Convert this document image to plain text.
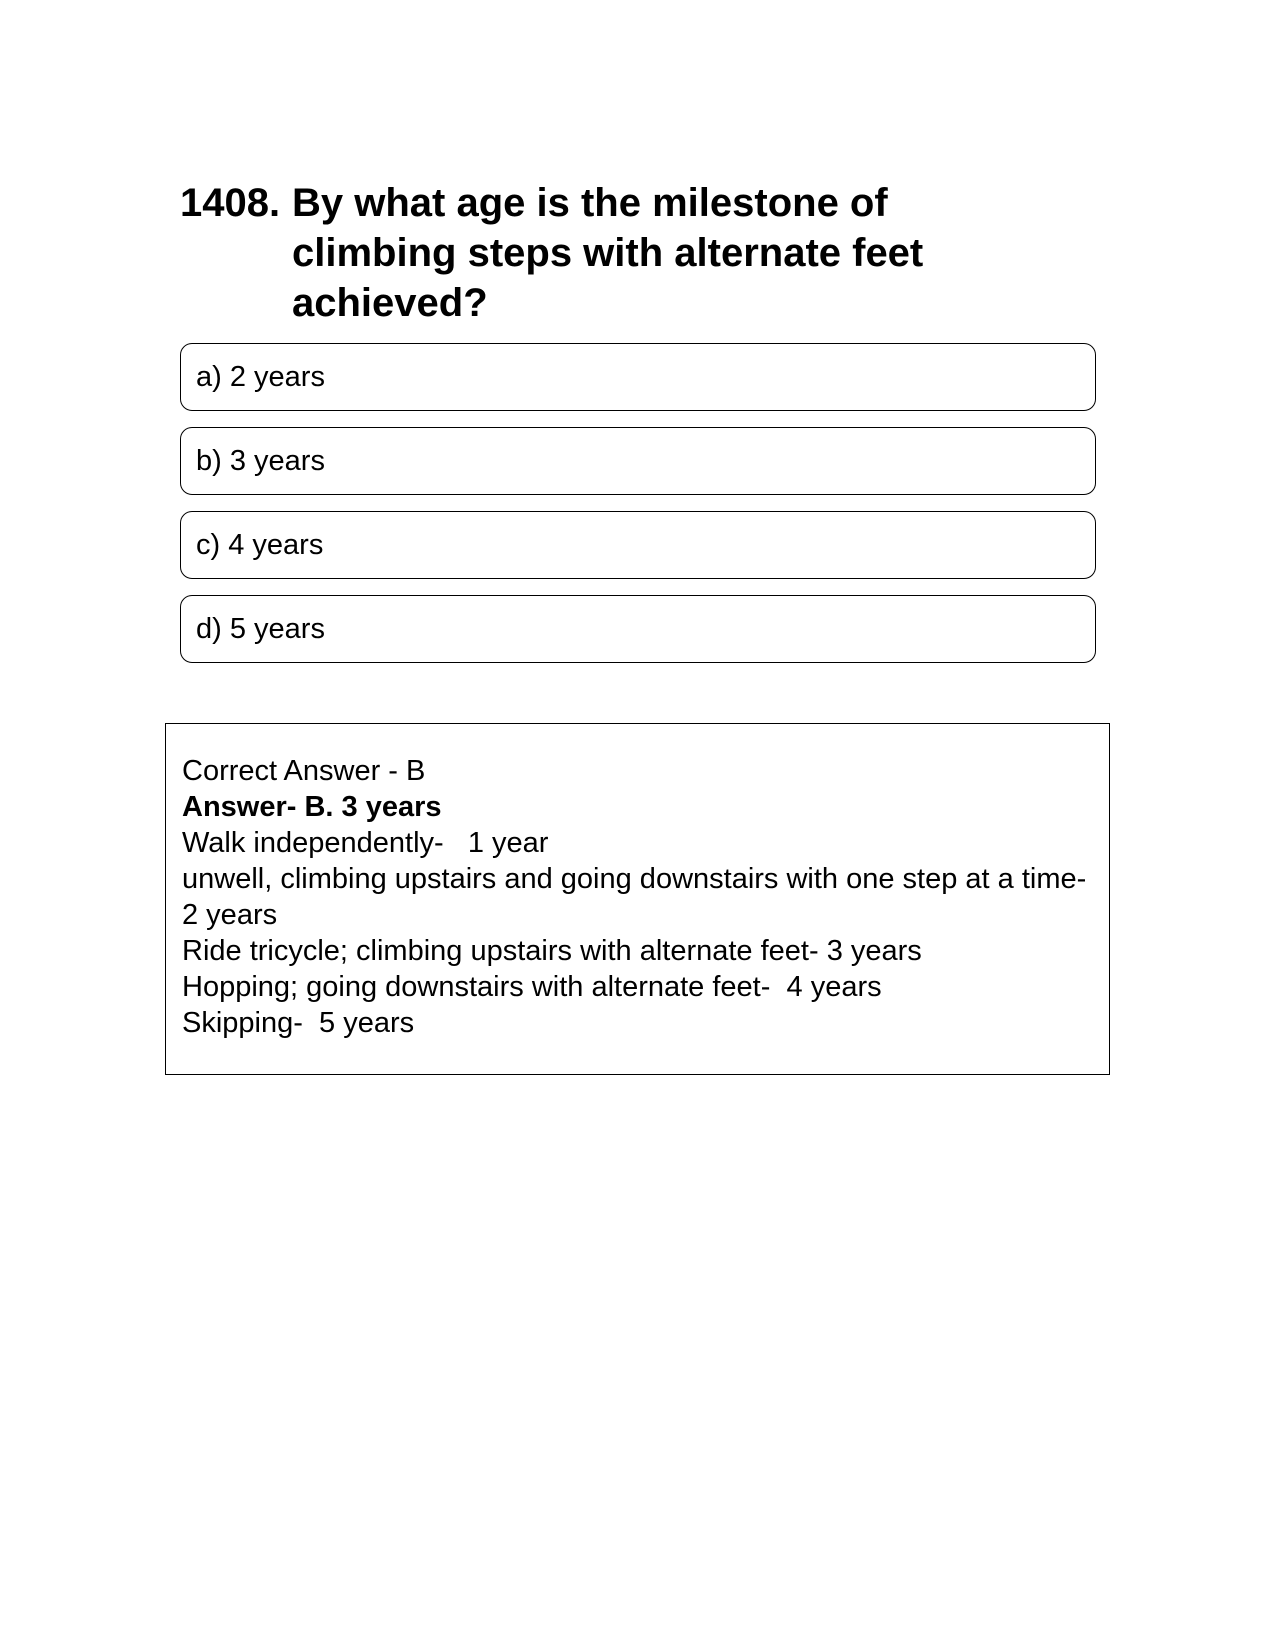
1408. By what age is the milestone of climbing steps with alternate feet achieved?
a) 2 years
b) 3 years
c) 4 years
d) 5 years
Correct Answer - B
Answer- B. 3 years
Walk independently-   1 year
unwell, climbing upstairs and going downstairs with one step at a time- 2 years
Ride tricycle; climbing upstairs with alternate feet- 3 years
Hopping; going downstairs with alternate feet-  4 years
Skipping-  5 years
